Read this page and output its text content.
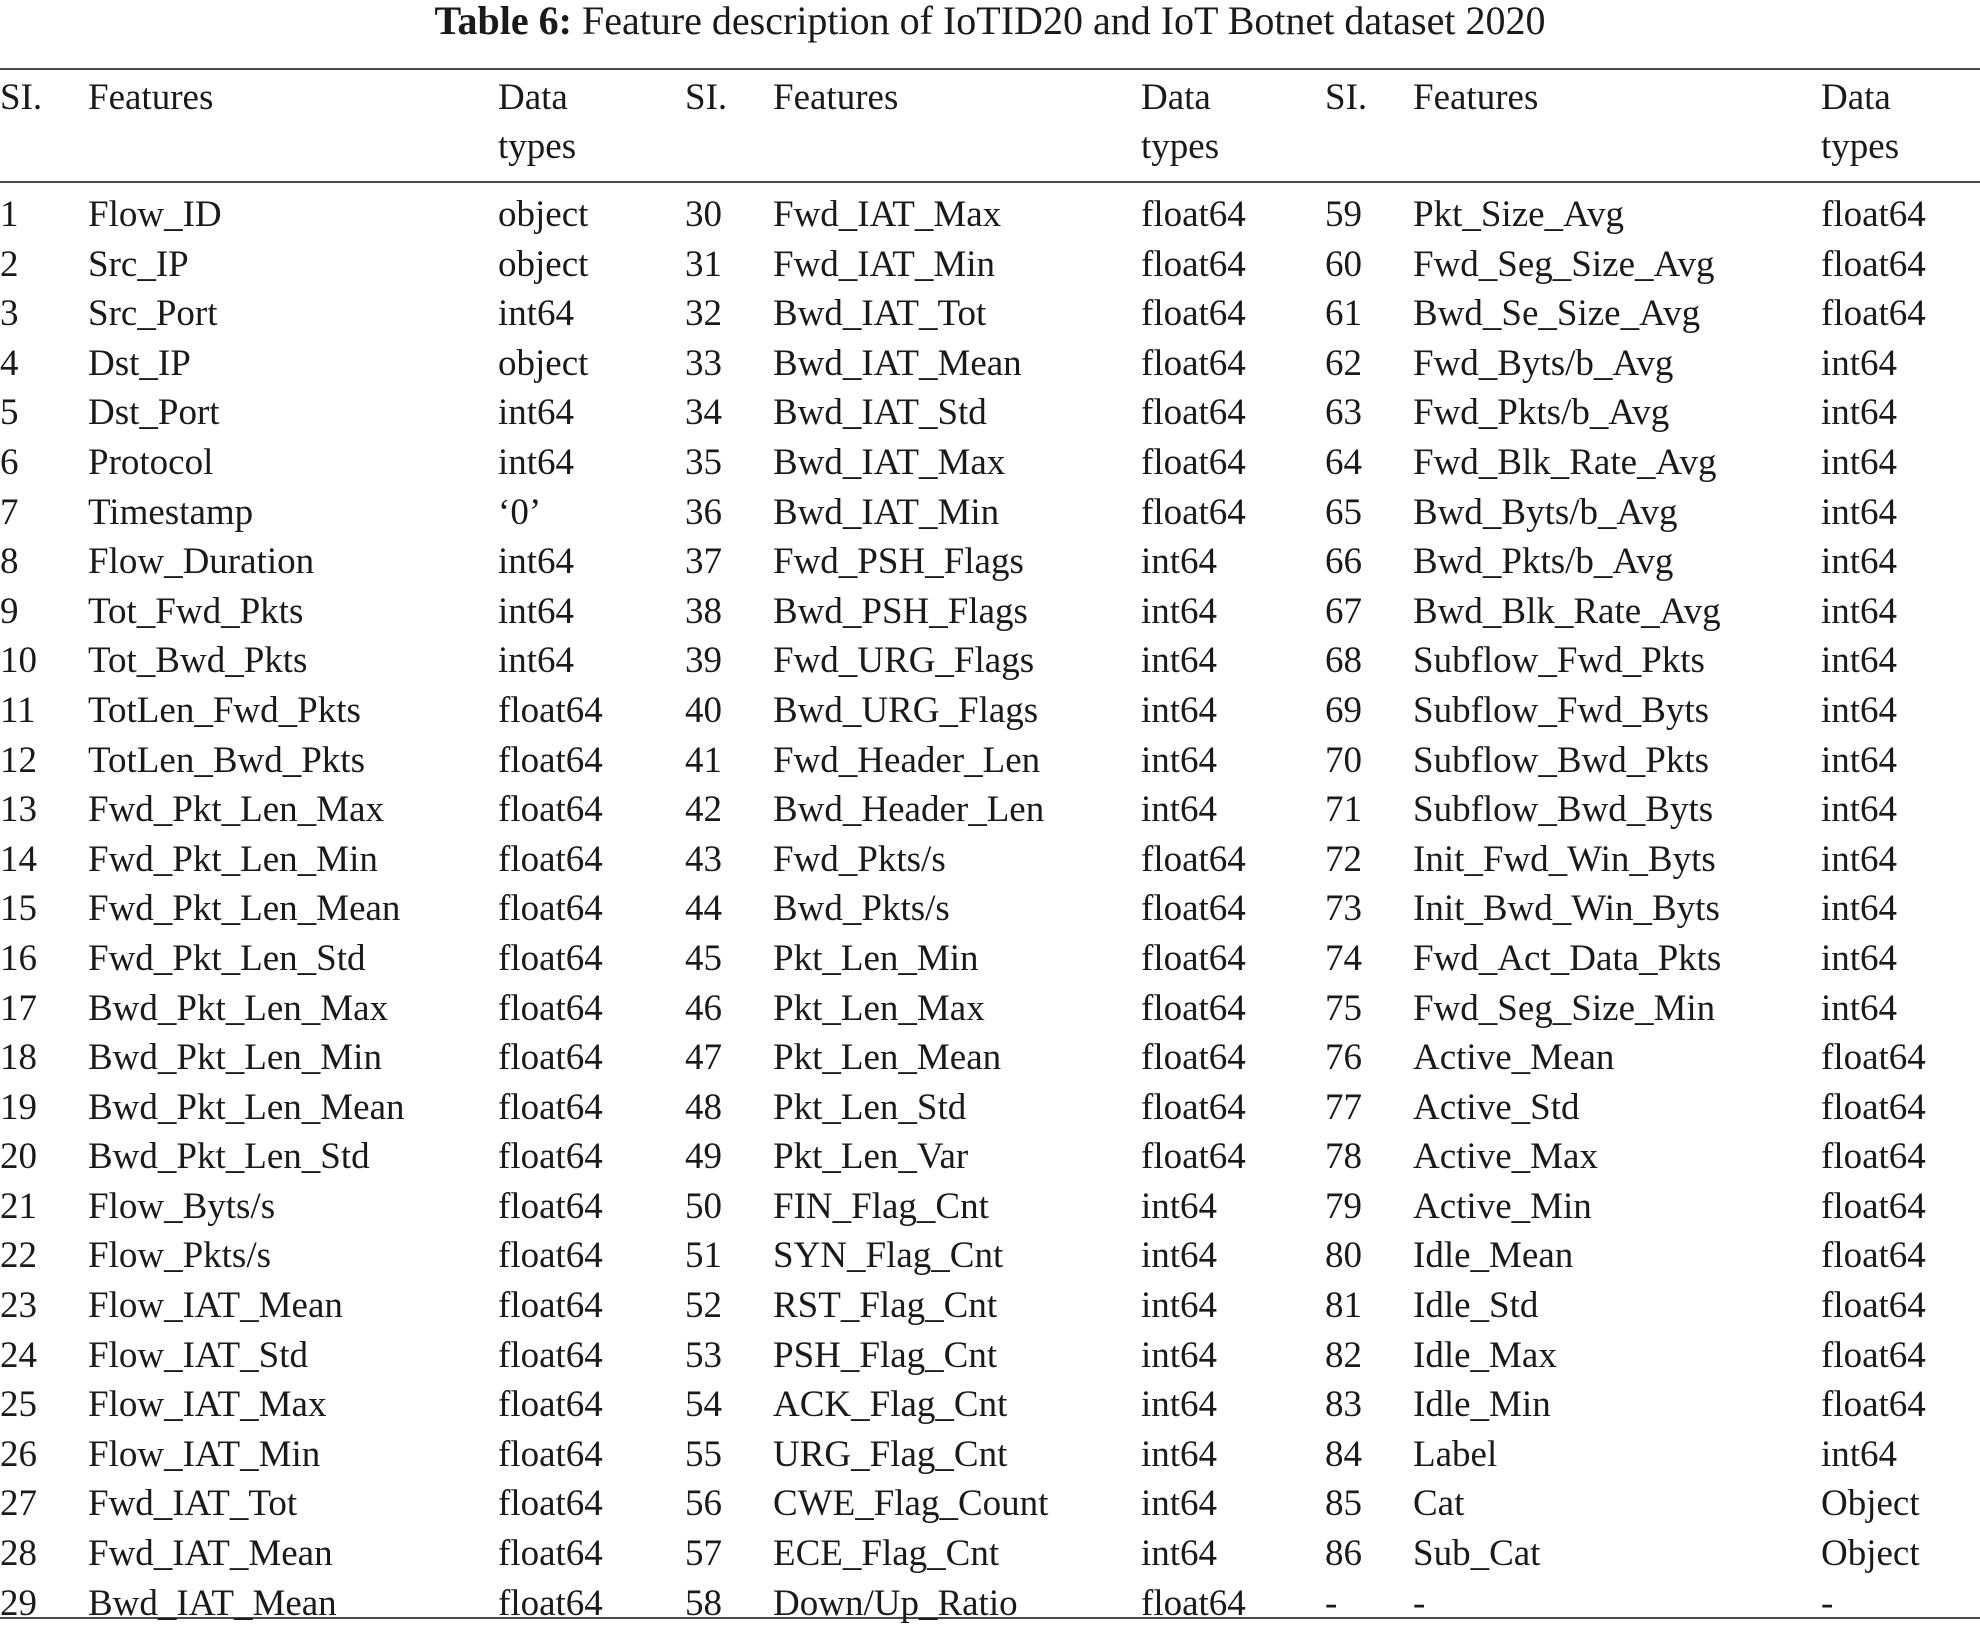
Table 6: Feature description of IoTID20 and IoT Botnet dataset 2020
SI.	Features	Data	SI.	Features	Data	SI.	Features	Data
		types			types			types
1	Flow_ID	object	30	Fwd_IAT_Max	float64	59	Pkt_Size_Avg	float64
2	Src_IP	object	31	Fwd_IAT_Min	float64	60	Fwd_Seg_Size_Avg	float64
3	Src_Port	int64	32	Bwd_IAT_Tot	float64	61	Bwd_Se_Size_Avg	float64
4	Dst_IP	object	33	Bwd_IAT_Mean	float64	62	Fwd_Byts/b_Avg	int64
5	Dst_Port	int64	34	Bwd_IAT_Std	float64	63	Fwd_Pkts/b_Avg	int64
6	Protocol	int64	35	Bwd_IAT_Max	float64	64	Fwd_Blk_Rate_Avg	int64
7	Timestamp	‘0’	36	Bwd_IAT_Min	float64	65	Bwd_Byts/b_Avg	int64
8	Flow_Duration	int64	37	Fwd_PSH_Flags	int64	66	Bwd_Pkts/b_Avg	int64
9	Tot_Fwd_Pkts	int64	38	Bwd_PSH_Flags	int64	67	Bwd_Blk_Rate_Avg	int64
10	Tot_Bwd_Pkts	int64	39	Fwd_URG_Flags	int64	68	Subflow_Fwd_Pkts	int64
11	TotLen_Fwd_Pkts	float64	40	Bwd_URG_Flags	int64	69	Subflow_Fwd_Byts	int64
12	TotLen_Bwd_Pkts	float64	41	Fwd_Header_Len	int64	70	Subflow_Bwd_Pkts	int64
13	Fwd_Pkt_Len_Max	float64	42	Bwd_Header_Len	int64	71	Subflow_Bwd_Byts	int64
14	Fwd_Pkt_Len_Min	float64	43	Fwd_Pkts/s	float64	72	Init_Fwd_Win_Byts	int64
15	Fwd_Pkt_Len_Mean	float64	44	Bwd_Pkts/s	float64	73	Init_Bwd_Win_Byts	int64
16	Fwd_Pkt_Len_Std	float64	45	Pkt_Len_Min	float64	74	Fwd_Act_Data_Pkts	int64
17	Bwd_Pkt_Len_Max	float64	46	Pkt_Len_Max	float64	75	Fwd_Seg_Size_Min	int64
18	Bwd_Pkt_Len_Min	float64	47	Pkt_Len_Mean	float64	76	Active_Mean	float64
19	Bwd_Pkt_Len_Mean	float64	48	Pkt_Len_Std	float64	77	Active_Std	float64
20	Bwd_Pkt_Len_Std	float64	49	Pkt_Len_Var	float64	78	Active_Max	float64
21	Flow_Byts/s	float64	50	FIN_Flag_Cnt	int64	79	Active_Min	float64
22	Flow_Pkts/s	float64	51	SYN_Flag_Cnt	int64	80	Idle_Mean	float64
23	Flow_IAT_Mean	float64	52	RST_Flag_Cnt	int64	81	Idle_Std	float64
24	Flow_IAT_Std	float64	53	PSH_Flag_Cnt	int64	82	Idle_Max	float64
25	Flow_IAT_Max	float64	54	ACK_Flag_Cnt	int64	83	Idle_Min	float64
26	Flow_IAT_Min	float64	55	URG_Flag_Cnt	int64	84	Label	int64
27	Fwd_IAT_Tot	float64	56	CWE_Flag_Count	int64	85	Cat	Object
28	Fwd_IAT_Mean	float64	57	ECE_Flag_Cnt	int64	86	Sub_Cat	Object
29	Bwd_IAT_Mean	float64	58	Down/Up_Ratio	float64	-	-	-
